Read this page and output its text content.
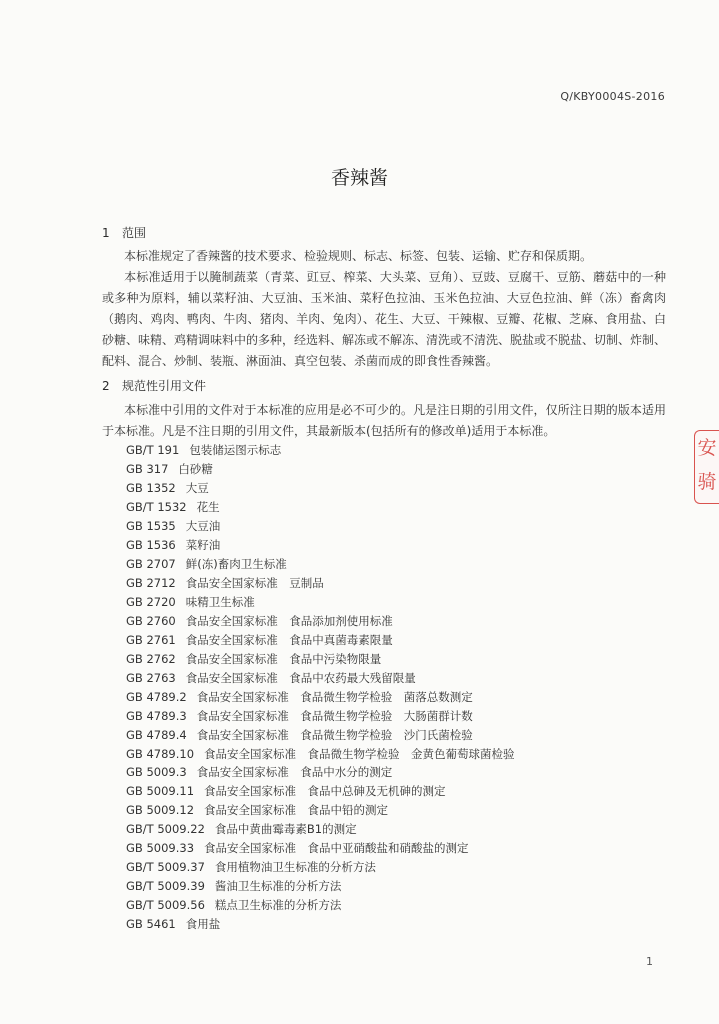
Q/KBY0004S-2016
香辣酱
1 范围
本标准规定了香辣酱的技术要求、检验规则、标志、标签、包装、运输、贮存和保质期。
本标准适用于以腌制蔬菜（青菜、豇豆、榨菜、大头菜、豆角）、豆豉、豆腐干、豆筋、蘑菇中的一种或多种为原料，辅以菜籽油、大豆油、玉米油、菜籽色拉油、玉米色拉油、大豆色拉油、鲜（冻）畜禽肉（鹅肉、鸡肉、鸭肉、牛肉、猪肉、羊肉、兔肉）、花生、大豆、干辣椒、豆瓣、花椒、芝麻、食用盐、白砂糖、味精、鸡精调味料中的多种，经选料、解冻或不解冻、清洗或不清洗、脱盐或不脱盐、切制、炸制、配料、混合、炒制、装瓶、淋面油、真空包装、杀菌而成的即食性香辣酱。
2 规范性引用文件
本标准中引用的文件对于本标准的应用是必不可少的。凡是注日期的引用文件，仅所注日期的版本适用于本标准。凡是不注日期的引用文件，其最新版本(包括所有的修改单)适用于本标准。
GB/T 191 包装储运图示标志
GB 317 白砂糖
GB 1352 大豆
GB/T 1532 花生
GB 1535 大豆油
GB 1536 菜籽油
GB 2707 鲜(冻)畜肉卫生标准
GB 2712 食品安全国家标准　豆制品
GB 2720 味精卫生标准
GB 2760 食品安全国家标准　食品添加剂使用标准
GB 2761 食品安全国家标准　食品中真菌毒素限量
GB 2762 食品安全国家标准　食品中污染物限量
GB 2763 食品安全国家标准　食品中农药最大残留限量
GB 4789.2 食品安全国家标准　食品微生物学检验　菌落总数测定
GB 4789.3 食品安全国家标准　食品微生物学检验　大肠菌群计数
GB 4789.4 食品安全国家标准　食品微生物学检验　沙门氏菌检验
GB 4789.10 食品安全国家标准　食品微生物学检验　金黄色葡萄球菌检验
GB 5009.3 食品安全国家标准　食品中水分的测定
GB 5009.11 食品安全国家标准　食品中总砷及无机砷的测定
GB 5009.12 食品安全国家标准　食品中铅的测定
GB/T 5009.22 食品中黄曲霉毒素B1的测定
GB 5009.33 食品安全国家标准　食品中亚硝酸盐和硝酸盐的测定
GB/T 5009.37 食用植物油卫生标准的分析方法
GB/T 5009.39 酱油卫生标准的分析方法
GB/T 5009.56 糕点卫生标准的分析方法
GB 5461 食用盐
安骑
1
